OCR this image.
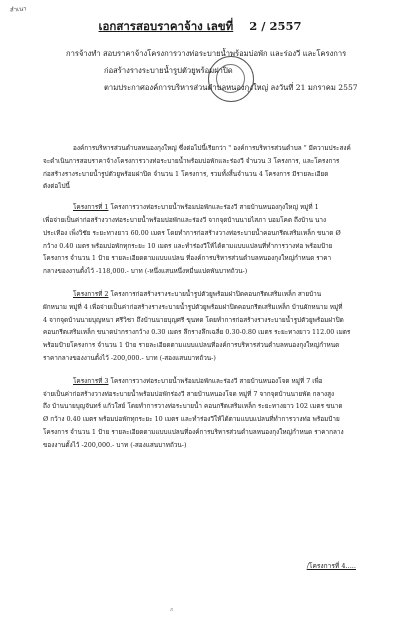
สำเนา
เอกสารสอบราคาจ้าง เลขที่ 2 / 2557
การจ้างทำ สอบราคาจ้างโครงการวางท่อระบายน้ำพร้อมบ่อพัก และร่องวี และโครงการ
ก่อสร้างรางระบายน้ำรูปตัวยูพร้อมฝาปิด
ตามประกาศองค์การบริหารส่วนตำบลหนองกุงใหญ่ ลงวันที่ 21 มกราคม 2557
องค์การบริหารส่วนตำบลหนองกุงใหญ่ ซึ่งต่อไปนี้เรียกว่า " องค์การบริหารส่วนตำบล " มีความประสงค์
จะดำเนินการสอบราคาจ้างโครงการวางท่อระบายน้ำพร้อมบ่อพักและร่องวี จำนวน 3 โครงการ, และโครงการ
ก่อสร้างรางระบายน้ำรูปตัวยูพร้อมฝาปิด จำนวน 1 โครงการ, รวมทั้งสิ้นจำนวน 4 โครงการ มีรายละเอียด
ดังต่อไปนี้
โครงการที่ 1 โครงการวางท่อระบายน้ำพร้อมบ่อพักและร่องวี สายบ้านหนองกุงใหญ่ หมู่ที่ 1
เพื่อจ่ายเป็นค่าก่อสร้างวางท่อระบายน้ำพร้อมบ่อพักและร่องวี จากจุดบ้านนายไสภา บอมโคต ถึงบ้าน นาง
ประเทือง เพ็งวิชัย ระยะทางยาว 60.00 เมตร โดยทำการก่อสร้างวางท่อระบายน้ำคอนกรีตเสริมเหล็ก ขนาด Ø
กว้าง 0.40 เมตร พร้อมบ่อพักทุกระยะ 10 เมตร และทำร่องวีให้ได้ตามแบบแปลนที่ทำการวางท่อ พร้อมป้าย
โครงการ จำนวน 1 ป้าย รายละเอียดตามแบบแปลน ที่องค์การบริหารส่วนตำบลหนองกุงใหญ่กำหนด ราคา
กลางของงานตั้งไว้ -118,000.- บาท (-หนึ่งแสนหนึ่งหมื่นแปดพันบาทถ้วน-)
โครงการที่ 2 โครงการก่อสร้างรางระบายน้ำรูปตัวยูพร้อมฝาปิดคอนกรีตเสริมเหล็ก สายบ้าน
ผักหนาม หมู่ที่ 4 เพื่อจ่ายเป็นค่าก่อสร้างรางระบายน้ำรูปตัวยูพร้อมฝาปิดคอนกรีตเสริมเหล็ก บ้านผักหนาม หมู่ที่
4 จากจุดบ้านนายบุญหนา ศรีวิชา ถึงบ้านนายบุญศรี ขุนทด โดยทำการก่อสร้างรางระบายน้ำรูปตัวยูพร้อมฝาปิด
คอนกรีตเสริมเหล็ก ขนาดปากรางกว้าง 0.30 เมตร ลึกรางลึกเฉลี่ย 0.30-0.80 เมตร ระยะทางยาว 112.00 เมตร
พร้อมป้ายโครงการ จำนวน 1 ป้าย รายละเอียดตามแบบแปลนที่องค์การบริหารส่วนตำบลหนองกุงใหญ่กำหนด
ราคากลางของงานตั้งไว้ -200,000.- บาท (-สองแสนบาทถ้วน-)
โครงการที่ 3 โครงการวางท่อระบายน้ำพร้อมบ่อพักและร่องวี สายบ้านหนองโจด หมู่ที่ 7 เพื่อ
จ่ายเป็นค่าก่อสร้างวางท่อระบายน้ำพร้อมบ่อพักร่องวี สายบ้านหนองโจด หมู่ที่ 7 จากจุดบ้านนายพัด กลางสูง
ถึง บ้านนายบุญจันทร์ แก้วใสย์ โดยทำการวางท่อระบายน้ำ คอนกรีตเสริมเหล็ก ระยะทางยาว 102 เมตร ขนาด
Ø กว้าง 0.40 เมตร พร้อมบ่อพักทุกระยะ 10 เมตร และทำร่องวีให้ได้ตามแบบแปลนที่ทำการวางท่อ พร้อมป้าย
โครงการ จำนวน 1 ป้าย รายละเอียดตามแบบแปลนที่องค์การบริหารส่วนตำบลหนองกุงใหญ่กำหนด ราคากลาง
ของงานตั้งไว้ -200,000.- บาท (-สองแสนบาทถ้วน-)
/โครงการที่ 4.....
ภ
